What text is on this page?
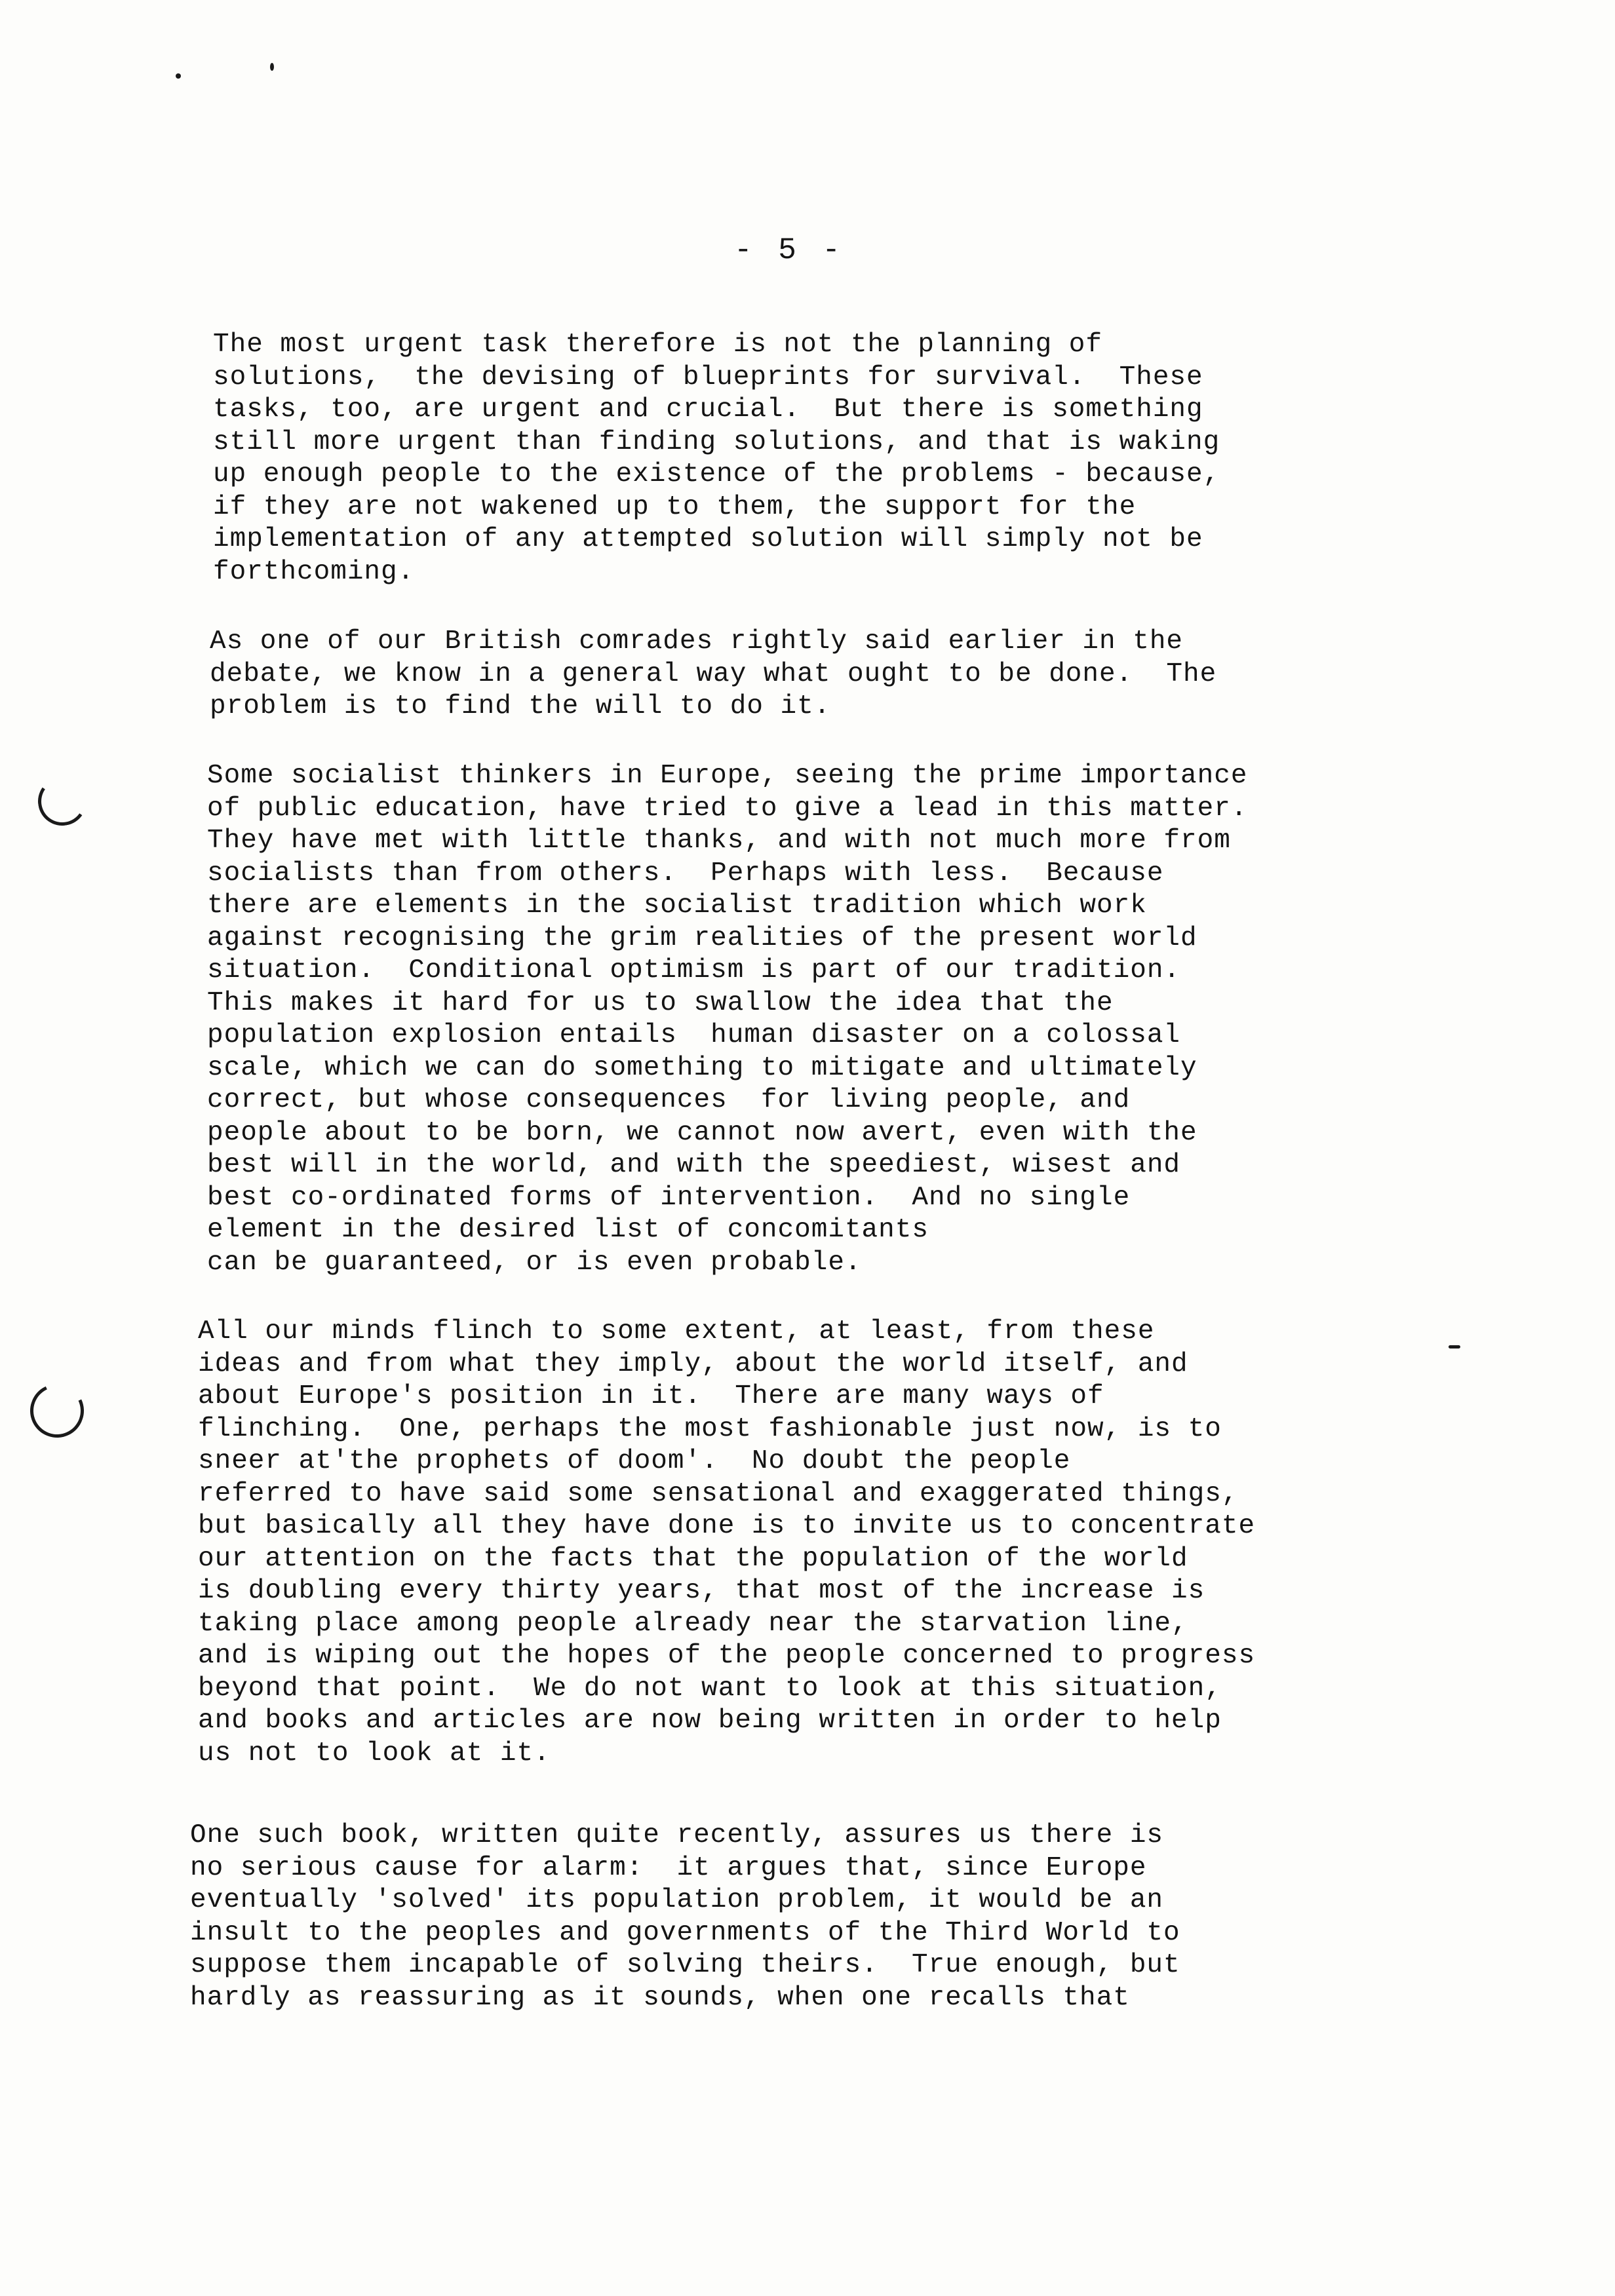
- 5 -

The most urgent task therefore is not the planning of
solutions,  the devising of blueprints for survival.  These
tasks, too, are urgent and crucial.  But there is something
still more urgent than finding solutions, and that is waking
up enough people to the existence of the problems - because,
if they are not wakened up to them, the support for the
implementation of any attempted solution will simply not be
forthcoming.

As one of our British comrades rightly said earlier in the
debate, we know in a general way what ought to be done.  The
problem is to find the will to do it.

Some socialist thinkers in Europe, seeing the prime importance
of public education, have tried to give a lead in this matter.
They have met with little thanks, and with not much more from
socialists than from others.  Perhaps with less.  Because
there are elements in the socialist tradition which work
against recognising the grim realities of the present world
situation.  Conditional optimism is part of our tradition.
This makes it hard for us to swallow the idea that the
population explosion entails  human disaster on a colossal
scale, which we can do something to mitigate and ultimately
correct, but whose consequences  for living people, and
people about to be born, we cannot now avert, even with the
best will in the world, and with the speediest, wisest and
best co-ordinated forms of intervention.  And no single
element in the desired list of concomitants
can be guaranteed, or is even probable.

All our minds flinch to some extent, at least, from these
ideas and from what they imply, about the world itself, and
about Europe's position in it.  There are many ways of
flinching.  One, perhaps the most fashionable just now, is to
sneer at'the prophets of doom'.  No doubt the people
referred to have said some sensational and exaggerated things,
but basically all they have done is to invite us to concentrate
our attention on the facts that the population of the world
is doubling every thirty years, that most of the increase is
taking place among people already near the starvation line,
and is wiping out the hopes of the people concerned to progress
beyond that point.  We do not want to look at this situation,
and books and articles are now being written in order to help
us not to look at it.

One such book, written quite recently, assures us there is
no serious cause for alarm:  it argues that, since Europe
eventually 'solved' its population problem, it would be an
insult to the peoples and governments of the Third World to
suppose them incapable of solving theirs.  True enough, but
hardly as reassuring as it sounds, when one recalls that
